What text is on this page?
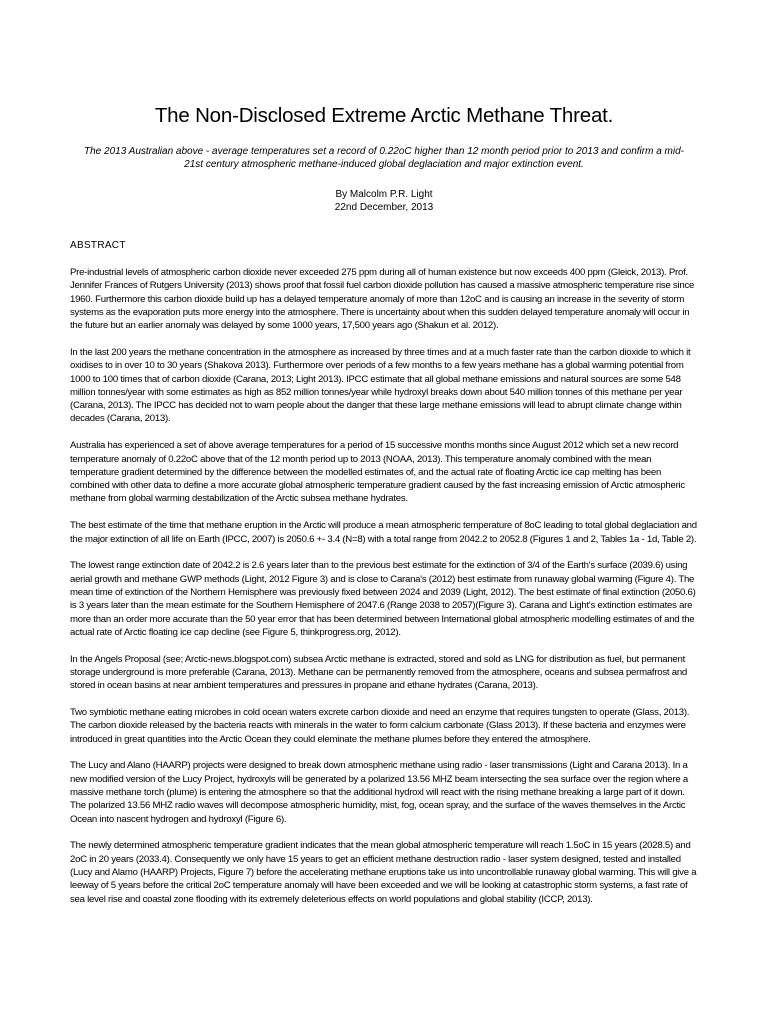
The Non-Disclosed Extreme Arctic Methane Threat.
The 2013 Australian above - average temperatures set a record of 0.22oC higher than 12 month period prior to 2013 and confirm a mid-21st century atmospheric methane-induced global deglaciation and major extinction event.
By Malcolm P.R. Light
22nd December, 2013
ABSTRACT

Pre-industrial levels of atmospheric carbon dioxide never exceeded 275 ppm during all of human existence but now exceeds 400 ppm (Gleick, 2013). Prof. Jennifer Frances of Rutgers University (2013) shows proof that fossil fuel carbon dioxide pollution has caused a massive atmospheric temperature rise since 1960. Furthermore this carbon dioxide build up has a delayed temperature anomaly of more than 12oC and is causing an increase in the severity of storm systems as the evaporation puts more energy into the atmosphere. There is uncertainty about when this sudden delayed temperature anomaly will occur in the future but an earlier anomaly was delayed by some 1000 years, 17,500 years ago (Shakun et al. 2012).

In the last 200 years the methane concentration in the atmosphere as increased by three times and at a much faster rate than the carbon dioxide to which it oxidises to in over 10 to 30 years (Shakova 2013). Furthermore over periods of a few months to a few years methane has a global warming potential from 1000 to 100 times that of carbon dioxide (Carana, 2013; Light 2013). IPCC estimate that all global methane emissions and natural sources are some 548 million tonnes/year with some estimates as high as 852 million tonnes/year while hydroxyl breaks down about 540 million tonnes of this methane per year (Carana, 2013). The IPCC has decided not to warn people about the danger that these large methane emissions will lead to abrupt climate change within decades (Carana, 2013).

Australia has experienced a set of above average temperatures for a period of 15 successive months months since August 2012 which set a new record temperature anomaly of 0.22oC above that of the 12 month period up to 2013 (NOAA, 2013). This temperature anomaly combined with the mean temperature gradient determined by the difference between the modelled estimates of, and the actual rate of floating Arctic ice cap melting has been combined with other data to define a more accurate global atmospheric temperature gradient caused by the fast increasing emission of Arctic atmospheric methane from global warming destabilization of the Arctic subsea methane hydrates.

The best estimate of the time that methane eruption in the Arctic will produce a mean atmospheric temperature of 8oC leading to total global deglaciation and the major extinction of all life on Earth (IPCC, 2007) is 2050.6 +- 3.4 (N=8) with a total range from 2042.2 to 2052.8 (Figures 1 and 2, Tables 1a - 1d, Table 2).

The lowest range extinction date of 2042.2 is 2.6 years later than to the previous best estimate for the extinction of 3/4 of the Earth's surface (2039.6) using aerial growth and methane GWP methods (Light, 2012 Figure 3) and is close to Carana's (2012) best estimate from runaway global warming (Figure 4). The mean time of extinction of the Northern Hemisphere was previously fixed between 2024 and 2039 (Light, 2012). The best estimate of final extinction (2050.6) is 3 years later than the mean estimate for the Southern Hemisphere of 2047.6 (Range 2038 to 2057)(Figure 3). Carana and Light's extinction estimates are more than an order more accurate than the 50 year error that has been determined between International global atmospheric modelling estimates of and the actual rate of Arctic floating ice cap decline (see Figure 5, thinkprogress.org, 2012).

In the Angels Proposal (see; Arctic-news.blogspot.com) subsea Arctic methane is extracted, stored and sold as LNG for distribution as fuel, but permanent storage underground is more preferable (Carana, 2013). Methane can be permanently removed from the atmosphere, oceans and subsea permafrost and stored in ocean basins at near ambient temperatures and pressures in propane and ethane hydrates (Carana, 2013).

Two symbiotic methane eating microbes in cold ocean waters excrete carbon dioxide and need an enzyme that requires tungsten to operate (Glass, 2013). The carbon dioxide released by the bacteria reacts with minerals in the water to form calcium carbonate (Glass 2013). If these bacteria and enzymes were introduced in great quantities into the Arctic Ocean they could eleminate the methane plumes before they entered the atmosphere.

The Lucy and Alano (HAARP) projects were designed to break down atmospheric methane using radio - laser transmissions (Light and Carana 2013). In a new modified version of the Lucy Project, hydroxyls will be generated by a polarized 13.56 MHZ beam intersecting the sea surface over the region where a massive methane torch (plume) is entering the atmosphere so that the additional hydroxl will react with the rising methane breaking a large part of it down. The polarized 13.56 MHZ radio waves will decompose atmospheric humidity, mist, fog, ocean spray, and the surface of the waves themselves in the Arctic Ocean into nascent hydrogen and hydroxyl (Figure 6).

The newly determined atmospheric temperature gradient indicates that the mean global atmospheric temperature will reach 1.5oC in 15 years (2028.5) and 2oC in 20 years (2033.4). Consequently we only have 15 years to get an efficient methane destruction radio - laser system designed, tested and installed (Lucy and Alamo (HAARP) Projects, Figure 7) before the accelerating methane eruptions take us into uncontrollable runaway global warming. This will give a leeway of 5 years before the critical 2oC temperature anomaly will have been exceeded and we will be looking at catastrophic storm systems, a fast rate of sea level rise and coastal zone flooding with its extremely deleterious effects on world populations and global stability (ICCP, 2013).
